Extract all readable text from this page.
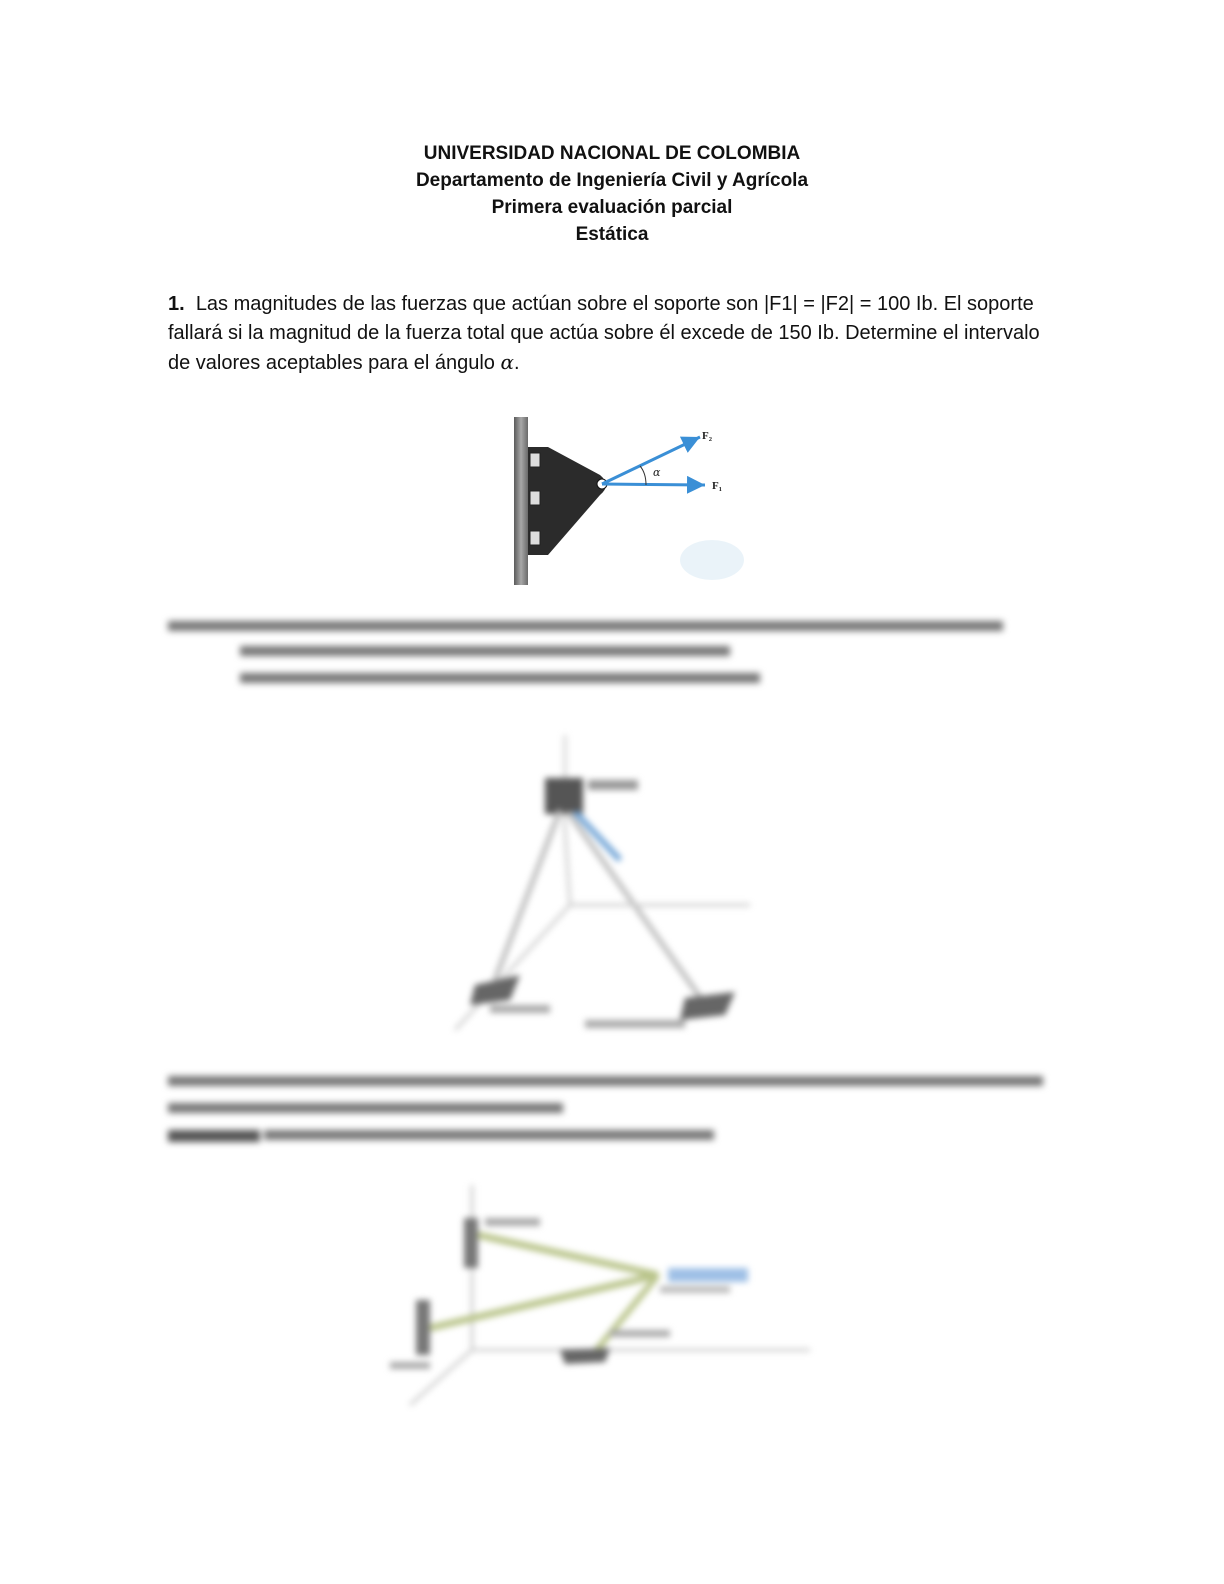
UNIVERSIDAD NACIONAL DE COLOMBIA
Departamento de Ingeniería Civil y Agrícola
Primera evaluación parcial
Estática
1. Las magnitudes de las fuerzas que actúan sobre el soporte son |F1| = |F2| = 100 Ib. El soporte fallará si la magnitud de la fuerza total que actúa sobre él excede de 150 Ib. Determine el intervalo de valores aceptables para el ángulo α.
F₂
F₁
α
